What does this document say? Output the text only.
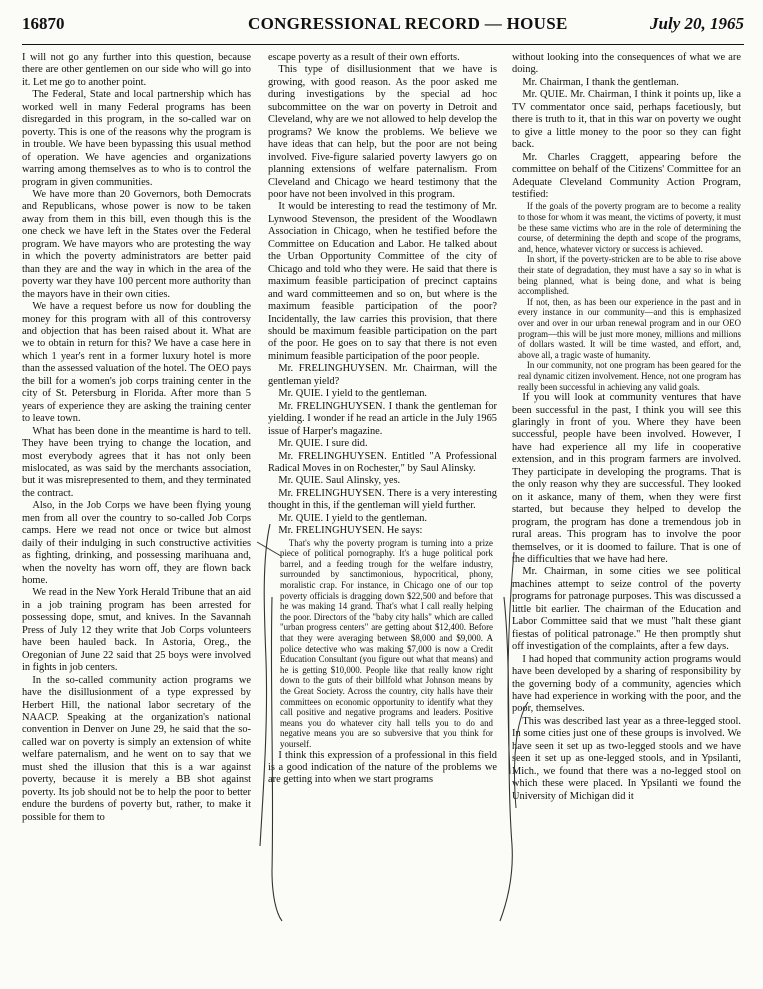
16870	CONGRESSIONAL RECORD — HOUSE	July 20, 1965

I will not go any further into this question, because there are other gentlemen on our side who will go into it. Let me go to another point.

The Federal, State and local partnership which has worked well in many Federal programs has been disregarded in this program, in the so-called war on poverty. This is one of the reasons why the program is in trouble. We have been bypassing this usual method of operation. We have agencies and organizations warring among themselves as to who is to control the program in given communities.

We have more than 20 Governors, both Democrats and Republicans, whose power is now to be taken away from them in this bill, even though this is the one check we have left in the States over the Federal program. We have mayors who are protesting the way in which the poverty administrators are better paid than they are and the way in which in the area of the poverty war they have 100 percent more authority than the mayors have in their own cities.

We have a request before us now for doubling the money for this program with all of this controversy and objection that has been raised about it. What are we to obtain in return for this? We have a case here in which 1 year's rent in a former luxury hotel is more than the assessed valuation of the hotel. The OEO pays the bill for a women's job corps training center in the city of St. Petersburg in Florida. After more than 5 years of experience they are asking the training center to leave town.

What has been done in the meantime is hard to tell. They have been trying to change the location, and most everybody agrees that it has not only been mislocated, as was said by the merchants association, but it was misrepresented to them, and they terminated the contract.

Also, in the Job Corps we have been flying young men from all over the country to so-called Job Corps camps. Here we read not once or twice but almost daily of their indulging in such constructive activities as fighting, drinking, and possessing marihuana and, when the novelty has worn off, they are flown back home.

We read in the New York Herald Tribune that an aid in a job training program has been arrested for possessing dope, smut, and knives. In the Savannah Press of July 12 they write that Job Corps volunteers have been hauled back. In Astoria, Oreg., the Oregonian of June 22 said that 25 boys were involved in fights in job centers.

In the so-called community action programs we have the disillusionment of a type expressed by Herbert Hill, the national labor secretary of the NAACP. Speaking at the organization's national convention in Denver on June 29, he said that the so-called war on poverty is simply an extension of white welfare paternalism, and he went on to say that we must shed the illusion that this is a war against poverty, because it is merely a BB shot against poverty. Its job should not be to help the poor to better endure the burdens of poverty but, rather, to make it possible for them to

escape poverty as a result of their own efforts.

This type of disillusionment that we have is growing, with good reason. As the poor asked me during investigations by the special ad hoc subcommittee on the war on poverty in Detroit and Cleveland, why are we not allowed to help develop the programs? We know the problems. We believe we have ideas that can help, but the poor are not being involved. Five-figure salaried poverty lawyers go on planning extensions of welfare paternalism. From Cleveland and Chicago we heard testimony that the poor have not been involved in this program.

It would be interesting to read the testimony of Mr. Lynwood Stevenson, the president of the Woodlawn Association in Chicago, when he testified before the Committee on Education and Labor. He talked about the Urban Opportunity Committee of the city of Chicago and told who they were. He said that there is maximum feasible participation of precinct captains and ward committeemen and so on, but where is the maximum feasible participation of the poor? Incidentally, the law carries this provision, that there should be maximum feasible participation on the part of the poor. He goes on to say that there is not even minimum feasible participation of the poor people.

Mr. FRELINGHUYSEN. Mr. Chairman, will the gentleman yield?

Mr. QUIE. I yield to the gentleman.

Mr. FRELINGHUYSEN. I thank the gentleman for yielding. I wonder if he read an article in the July 1965 issue of Harper's magazine.

Mr. QUIE. I sure did.

Mr. FRELINGHUYSEN. Entitled "A Professional Radical Moves in on Rochester," by Saul Alinsky.

Mr. QUIE. Saul Alinsky, yes.

Mr. FRELINGHUYSEN. There is a very interesting thought in this, if the gentleman will yield further.

Mr. QUIE. I yield to the gentleman.

Mr. FRELINGHUYSEN. He says:

That's why the poverty program is turning into a prize piece of political pornography. It's a huge political pork barrel, and a feeding trough for the welfare industry, surrounded by sanctimonious, hypocritical, phony, moralistic crap. For instance, in Chicago one of our top poverty officials is dragging down $22,500 and before that he was making 14 grand. That's what I call really helping the poor. Directors of the "baby city halls" which are called "urban progress centers" are getting about $12,400. Before that they were averaging between $8,000 and $9,000. A police detective who was making $7,000 is now a Credit Education Consultant (you figure out what that means) and he is getting $10,000. People like that really know right down to the guts of their billfold what Johnson means by the Great Society. Across the country, city halls have their committees on economic opportunity to identify what they call positive and negative programs and leaders. Positive means you do whatever city hall tells you to do and negative means you are so subversive that you think for yourself.

I think this expression of a professional in this field is a good indication of the nature of the problems we are getting into when we start programs

without looking into the consequences of what we are doing.

Mr. Chairman, I thank the gentleman.

Mr. QUIE. Mr. Chairman, I think it points up, like a TV commentator once said, perhaps facetiously, but there is truth to it, that in this war on poverty we ought to give a little money to the poor so they can fight back.

Mr. Charles Craggett, appearing before the committee on behalf of the Citizens' Committee for an Adequate Cleveland Community Action Program, testified:

If the goals of the poverty program are to become a reality to those for whom it was meant, the victims of poverty, it must be these same victims who are in the role of determining the course, of determining the depth and scope of the programs, and, hence, whatever victory or success is achieved.

In short, if the poverty-stricken are to be able to rise above their state of degradation, they must have a say so in what is being planned, what is being done, and what is being accomplished.

If not, then, as has been our experience in the past and in every instance in our community—and this is emphasized over and over in our urban renewal program and in our OEO program—this will be just more money, millions and millions of dollars wasted. It will be time wasted, and effort, and, above all, a tragic waste of humanity.

In our community, not one program has been geared for the real dynamic citizen involvement. Hence, not one program has really been successful in achieving any valid goals.

If you will look at community ventures that have been successful in the past, I think you will see this glaringly in front of you. Where they have been successful, people have been involved. However, I have had experience all my life in cooperative extension, and in this program farmers are involved. They participate in developing the programs. That is the only reason why they are successful. They looked on it askance, many of them, when they were first started, but because they helped to develop the program, the program has done a tremendous job in rural areas. This program has to involve the poor themselves, or it is doomed to failure. That is one of the difficulties that we have had here.

Mr. Chairman, in some cities we see political machines attempt to seize control of the poverty programs for patronage purposes. This was discussed a little bit earlier. The chairman of the Education and Labor Committee said that we must "halt these giant fiestas of political patronage." He then promptly shut off investigation of the complaints, after a few days.

I had hoped that community action programs would have been developed by a sharing of responsibility by the governing body of a community, agencies which have had experience in working with the poor, and the poor, themselves.

This was described last year as a three-legged stool. In some cities just one of these groups is involved. We have seen it set up as two-legged stools and we have seen it set up as one-legged stools, and in Ypsilanti, Mich., we found that there was a no-legged stool on which these were placed. In Ypsilanti we found the University of Michigan did it
